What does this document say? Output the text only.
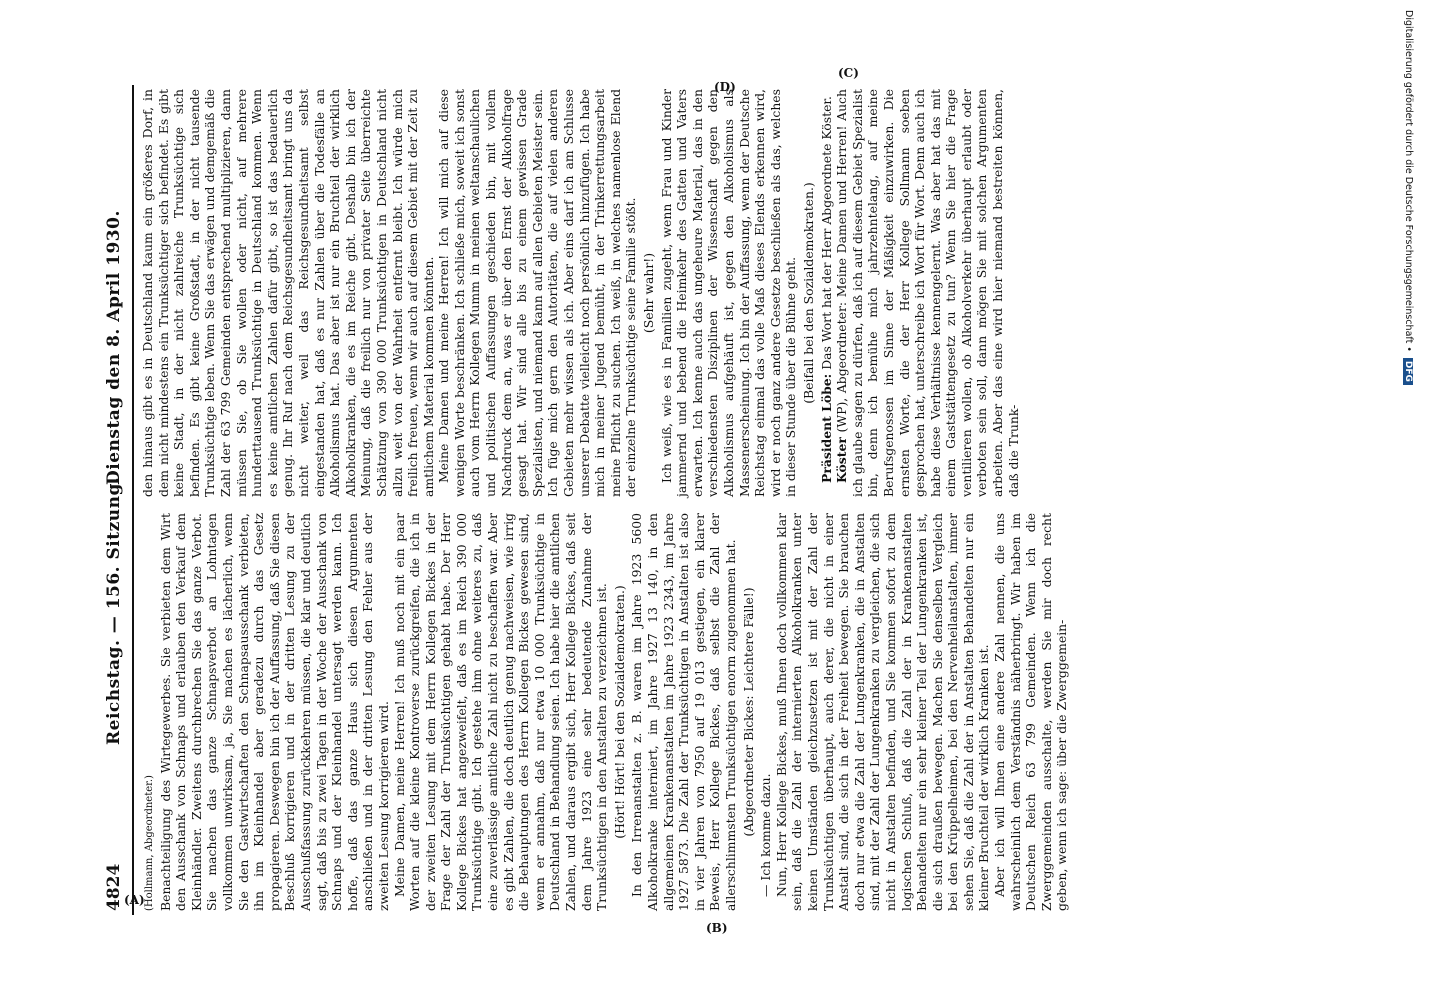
4824
Reichstag. — 156. Sitzung.
Dienstag den 8. April 1930.

(Hollmann, Abgeordneter.) Benachteiligung des Wirtegewerbes. Sie verbieten dem Wirt den Ausschank von Schnaps und erlauben den Verkauf dem Kleinhändler. Zweitens durchbrechen Sie das ganze Verbot. Sie machen das ganze Schnapsverbot an Lohntagen vollkommen unwirksam, ja, Sie machen es lächerlich, wenn Sie den Gastwirtschaften den Schnapsausschank verbieten, ihn im Kleinhandel aber geradezu durch das Gesetz propagieren. Deswegen bin ich der Auffassung, daß Sie diesen Beschluß korrigieren und in der dritten Lesung zu der Ausschußfassung zurückkehren müssen, die klar und deutlich sagt, daß bis zu zwei Tagen in der Woche der Ausschank von Schnaps und der Kleinhandel untersagt werden kann. Ich hoffe, daß das ganze Haus sich diesen Argumenten anschließen und in der dritten Lesung den Fehler aus der zweiten Lesung korrigieren wird. Meine Damen, meine Herren! Ich muß noch mit ein paar Worten auf die kleine Kontroverse zurückgreifen, die ich in der zweiten Lesung mit dem Herrn Kollegen Bickes in der Frage der Zahl der Trunksüchtigen gehabt habe. Der Herr Kollege Bickes hat angezweifelt, daß es im Reich 390 000 Trunksüchtige gibt. Ich gestehe ihm ohne weiteres zu, daß eine zuverlässige amtliche Zahl nicht zu beschaffen war. Aber es gibt Zahlen, die doch deutlich genug nachweisen, wie irrig die Behauptungen des Herrn Kollegen Bickes gewesen sind, wenn er annahm, daß nur etwa 10 000 Trunksüchtige in Deutschland in Behandlung seien. Ich habe hier die amtlichen Zahlen, und daraus ergibt sich, Herr Kollege Bickes, daß seit dem Jahre 1923 eine sehr bedeutende Zunahme der Trunksüchtigen in den Anstalten zu verzeichnen ist. (Hört! Hört! bei den Sozialdemokraten.) In den Irrenanstalten z. B. waren im Jahre 1923 5600 Alkoholkranke interniert, im Jahre 1927 13 140, in den allgemeinen Krankenanstalten im Jahre 1923 2343, im Jahre 1927 5873. Die Zahl der Trunksüchtigen in Anstalten ist also in vier Jahren von 7950 auf 19 013 gestiegen, ein klarer Beweis, Herr Kollege Bickes, daß selbst die Zahl der allerschlimmsten Trunksüchtigen enorm zugenommen hat. (Abgeordneter Bickes: Leichtere Fälle!) — Ich komme dazu. Nun, Herr Kollege Bickes, muß Ihnen doch vollkommen klar sein, daß die Zahl der internierten Alkoholkranken unter keinen Umständen gleichzusetzen ist mit der Zahl der Trunksüchtigen überhaupt, auch derer, die nicht in einer Anstalt sind, die sich in der Freiheit bewegen. Sie brauchen doch nur etwa die Zahl der Lungenkranken, die in Anstalten sind, mit der Zahl der Lungenkranken zu vergleichen, die sich nicht in Anstalten befinden, und Sie kommen sofort zu dem logischen Schluß, daß die Zahl der in Krankenanstalten Behandelten nur ein sehr kleiner Teil der Lungenkranken ist, die sich draußen bewegen. Machen Sie denselben Vergleich bei den Krüppelheimen, bei den Nervenheilanstalten, immer sehen Sie, daß die Zahl der in Anstalten Behandelten nur ein kleiner Bruchteil der wirklich Kranken ist. Aber ich will Ihnen eine andere Zahl nennen, die uns wahrscheinlich dem Verständnis näherbringt. Wir haben im Deutschen Reich 63 799 Gemeinden. Wenn ich die Zwerggemeinden ausschalte, werden Sie mir doch recht geben, wenn ich sage: über die Zwerggemein-

den hinaus gibt es in Deutschland kaum ein größeres Dorf, in dem nicht mindestens ein Trunksüchtiger sich befindet. Es gibt keine Stadt, in der nicht zahlreiche Trunksüchtige sich befinden. Es gibt keine Großstadt, in der nicht tausende Trunksüchtige leben. Wenn Sie das erwägen und demgemäß die Zahl der 63 799 Gemeinden entsprechend multiplizieren, dann müssen Sie, ob Sie wollen oder nicht, auf mehrere hunderttausend Trunksüchtige in Deutschland kommen. Wenn es keine amtlichen Zahlen dafür gibt, so ist das bedauerlich genug. Ihr Ruf nach dem Reichsgesundheitsamt bringt uns da nicht weiter, weil das Reichsgesundheitsamt selbst eingestanden hat, daß es nur Zahlen über die Todesfälle an Alkoholismus hat. Das aber ist nur ein Bruchteil der wirklich Alkoholkranken, die es im Reiche gibt. Deshalb bin ich der Meinung, daß die freilich nur von privater Seite überreichte Schätzung von 390 000 Trunksüchtigen in Deutschland nicht allzu weit von der Wahrheit entfernt bleibt. Ich würde mich freilich freuen, wenn wir auch auf diesem Gebiet mit der Zeit zu amtlichem Material kommen könnten. Meine Damen und meine Herren! Ich will mich auf diese wenigen Worte beschränken. Ich schließe mich, soweit ich sonst auch vom Herrn Kollegen Mumm in meinen weltanschaulichen und politischen Auffassungen geschieden bin, mit vollem Nachdruck dem an, was er über den Ernst der Alkoholfrage gesagt hat. Wir sind alle bis zu einem gewissen Grade Spezialisten, und niemand kann auf allen Gebieten Meister sein. Ich füge mich gern den Autoritäten, die auf vielen anderen Gebieten mehr wissen als ich. Aber eins darf ich am Schlusse unserer Debatte vielleicht noch persönlich hinzufügen. Ich habe mich in meiner Jugend bemüht, in der Trinkerrettungsarbeit meine Pflicht zu suchen. Ich weiß, in welches namenlose Elend der einzelne Trunksüchtige seine Familie stößt. (Sehr wahr!) Ich weiß, wie es in Familien zugeht, wenn Frau und Kinder jammernd und bebend die Heimkehr des Gatten und Vaters erwarten. Ich kenne auch das ungeheure Material, das in den verschiedensten Disziplinen der Wissenschaft gegen den Alkoholismus aufgehäuft ist, gegen den Alkoholismus als Massenerscheinung. Ich bin der Auffassung, wenn der Deutsche Reichstag einmal das volle Maß dieses Elends erkennen wird, wird er noch ganz andere Gesetze beschließen als das, welches in dieser Stunde über die Bühne geht. (Beifall bei den Sozialdemokraten.)

Präsident Löbe: Das Wort hat der Herr Abgeordnete Köster.

Köster (WP), Abgeordneter: Meine Damen und Herren! Auch ich glaube sagen zu dürfen, daß ich auf diesem Gebiet Spezialist bin, denn ich bemühe mich jahrzehntelang, auf meine Berufsgenossen im Sinne der Mäßigkeit einzuwirken. Die ernsten Worte, die der Herr Kollege Sollmann soeben gesprochen hat, unterschreibe ich Wort für Wort. Denn auch ich habe diese Verhältnisse kennengelernt. Was aber hat das mit einem Gaststättengesetz zu tun? Wenn Sie hier die Frage ventilieren wollen, ob Alkoholverkehr überhaupt erlaubt oder verboten sein soll, dann mögen Sie mit solchen Argumenten arbeiten. Aber das eine wird hier niemand bestreiten können, daß die Trunk-

(A)
(B)
(C)
(D)	Digitalisierung gefördert durch die Deutsche Forschungsgemeinschaft •DFG
